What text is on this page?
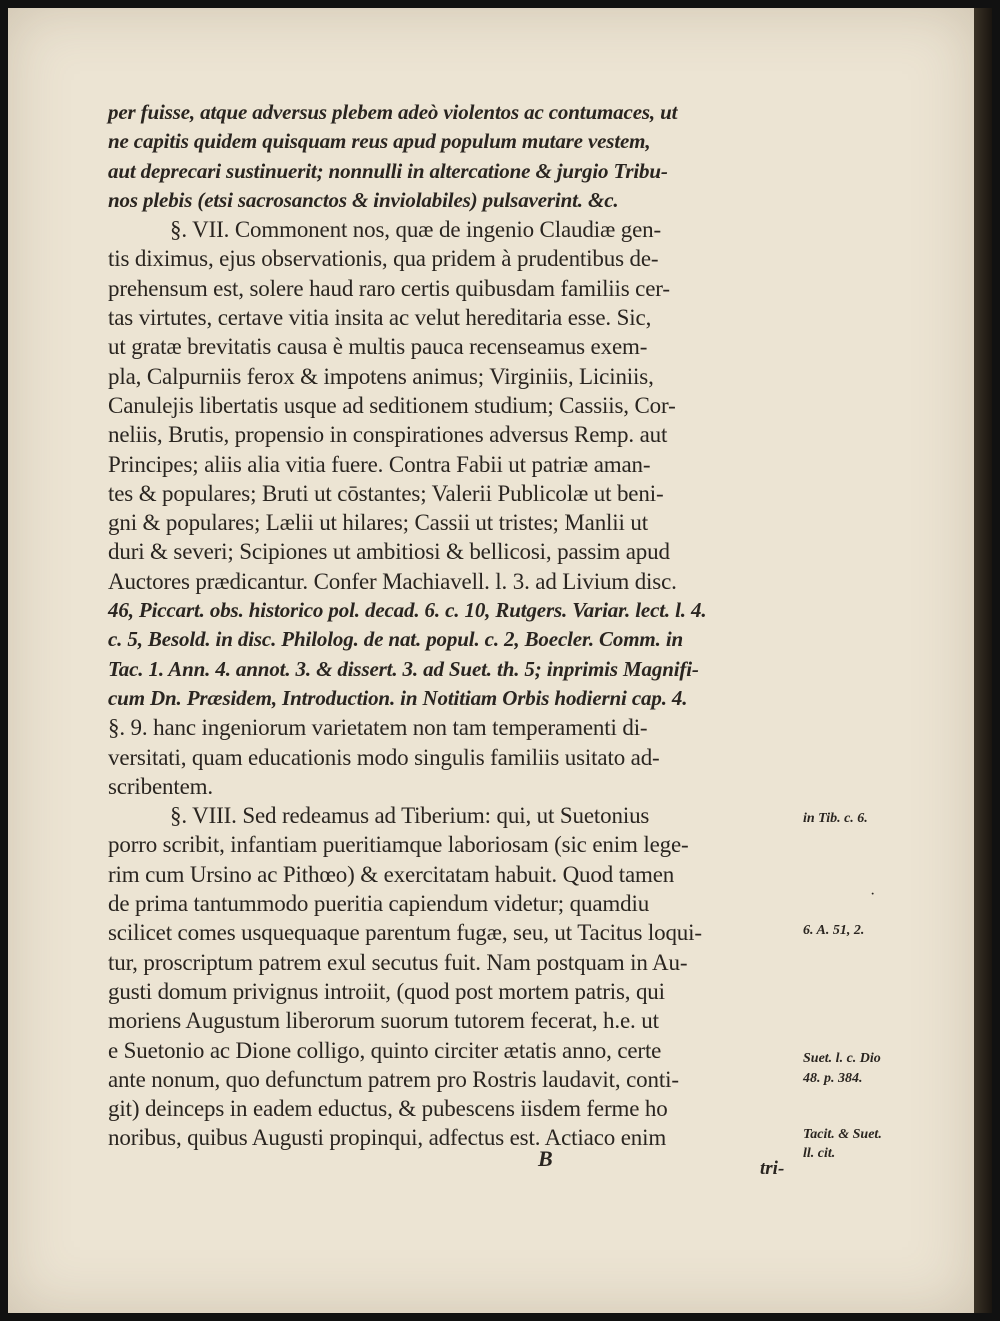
per fuisse, atque adversus plebem adeò violentos ac contumaces, ut
ne capitis quidem quisquam reus apud populum mutare vestem,
aut deprecari sustinuerit; nonnulli in altercatione & jurgio Tribu-
nos plebis (etsi sacrosanctos & inviolabiles) pulsaverint. &c.
§. VII. Commonent nos, quæ de ingenio Claudiæ gen-
tis diximus, ejus observationis, qua pridem à prudentibus de-
prehensum est, solere haud raro certis quibusdam familiis cer-
tas virtutes, certave vitia insita ac velut hereditaria esse. Sic,
ut gratæ brevitatis causa è multis pauca recenseamus exem-
pla, Calpurniis ferox & impotens animus; Virginiis, Liciniis,
Canulejis libertatis usque ad seditionem studium; Cassiis, Cor-
neliis, Brutis, propensio in conspirationes adversus Remp. aut
Principes; aliis alia vitia fuere. Contra Fabii ut patriæ aman-
tes & populares; Bruti ut cōstantes; Valerii Publicolæ ut beni-
gni & populares; Lælii ut hilares; Cassii ut tristes; Manlii ut
duri & severi; Scipiones ut ambitiosi & bellicosi, passim apud
Auctores prædicantur. Confer Machiavell. l. 3. ad Livium disc.
46, Piccart. obs. historico pol. decad. 6. c. 10, Rutgers. Variar. lect. l. 4.
c. 5, Besold. in disc. Philolog. de nat. popul. c. 2, Boecler. Comm. in
Tac. 1. Ann. 4. annot. 3. & dissert. 3. ad Suet. th. 5; inprimis Magnifi-
cum Dn. Præsidem, Introduction. in Notitiam Orbis hodierni cap. 4.
§. 9. hanc ingeniorum varietatem non tam temperamenti di-
versitati, quam educationis modo singulis familiis usitato ad-
scribentem.
§. VIII. Sed redeamus ad Tiberium: qui, ut Suetonius
porro scribit, infantiam pueritiamque laboriosam (sic enim lege-
rim cum Ursino ac Pithœo) & exercitatam habuit. Quod tamen
de prima tantummodo pueritia capiendum videtur; quamdiu
scilicet comes usquequaque parentum fugæ, seu, ut Tacitus loqui-
tur, proscriptum patrem exul secutus fuit. Nam postquam in Au-
gusti domum privignus introiit, (quod post mortem patris, qui
moriens Augustum liberorum suorum tutorem fecerat, h.e. ut
e Suetonio ac Dione colligo, quinto circiter ætatis anno, certe
ante nonum, quo defunctum patrem pro Rostris laudavit, conti-
git) deinceps in eadem eductus, & pubescens iisdem ferme ho
noribus, quibus Augusti propinqui, adfectus est. Actiaco enim
in Tib. c. 6.
6. A. 51, 2.
Suet. l. c. Dio
48. p. 384.
Tacit. & Suet.
ll. cit.
·
B	tri-
